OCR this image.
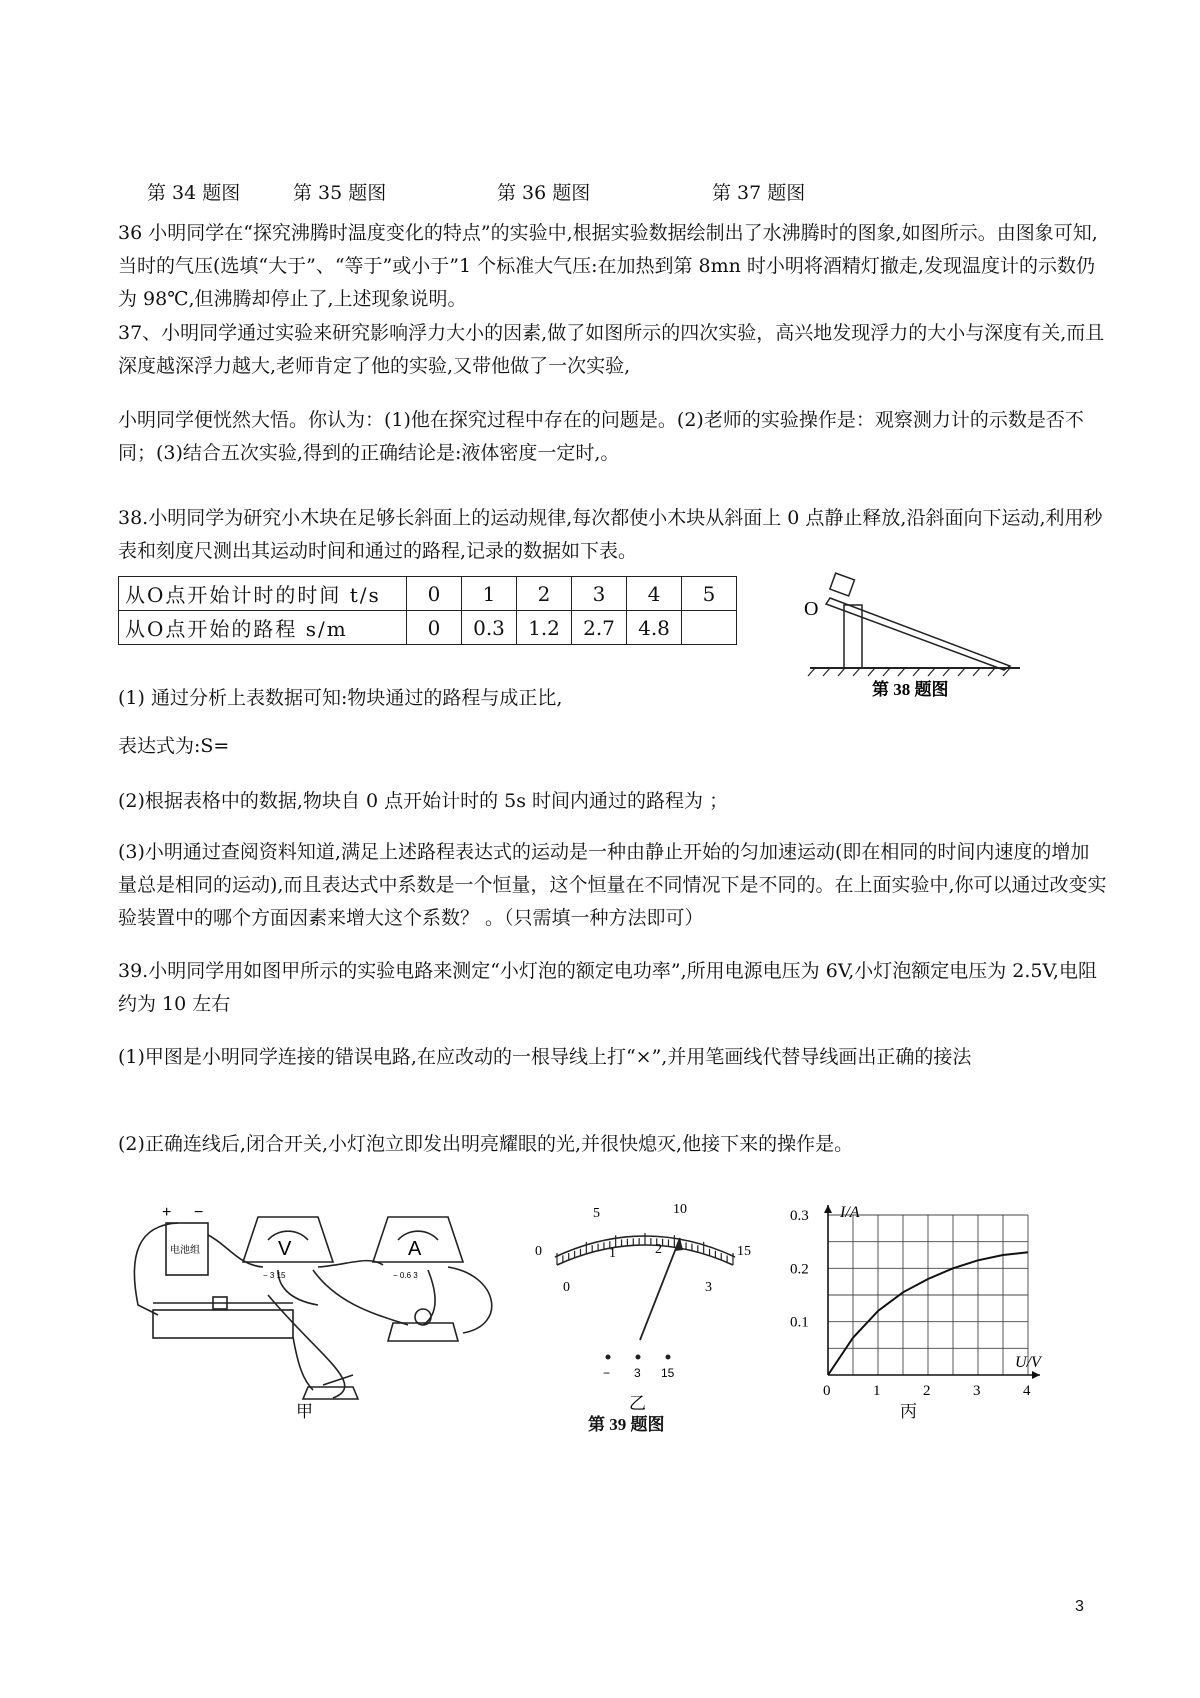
第 34 题图	第 35 题图	第 36 题图	第 37 题图
36 小明同学在“探究沸腾时温度变化的特点”的实验中,根据实验数据绘制出了水沸腾时的图象,如图所示。由图象可知,当时的气压(选填“大于”、“等于”或小于”1 个标准大气压:在加热到第 8mn 时小明将酒精灯撤走,发现温度计的示数仍为 98℃,但沸腾却停止了,上述现象说明。
37、小明同学通过实验来研究影响浮力大小的因素,做了如图所示的四次实验，高兴地发现浮力的大小与深度有关,而且深度越深浮力越大,老师肯定了他的实验,又带他做了一次实验,
小明同学便恍然大悟。你认为：(1)他在探究过程中存在的问题是。(2)老师的实验操作是：观察测力计的示数是否不同；(3)结合五次实验,得到的正确结论是:液体密度一定时,。
38.小明同学为研究小木块在足够长斜面上的运动规律,每次都使小木块从斜面上 0 点静止释放,沿斜面向下运动,利用秒表和刻度尺测出其运动时间和通过的路程,记录的数据如下表。
从O点开始计时的时间 t/s	0	1	2	3	4	5
从O点开始的路程 s/m	0	0.3	1.2	2.7	4.8	
O
第 38 题图
(1) 通过分析上表数据可知:物块通过的路程与成正比,
表达式为:S=
(2)根据表格中的数据,物块自 0 点开始计时的 5s 时间内通过的路程为 ；
(3)小明通过查阅资料知道,满足上述路程表达式的运动是一种由静止开始的匀加速运动(即在相同的时间内速度的增加量总是相同的运动),而且表达式中系数是一个恒量，这个恒量在不同情况下是不同的。在上面实验中,你可以通过改变实验装置中的哪个方面因素来增大这个系数？ 。（只需填一种方法即可）
39.小明同学用如图甲所示的实验电路来测定“小灯泡的额定电功率”,所用电源电压为 6V,小灯泡额定电压为 2.5V,电阻约为 10 左右
(1)甲图是小明同学连接的错误电路,在应改动的一根导线上打“×”,并用笔画线代替导线画出正确的接法
(2)正确连线后,闭合开关,小灯泡立即发出明亮耀眼的光,并很快熄灭,他接下来的操作是。
+ −
电池组	V	A
− 3 15	− 0.6 3
甲
0
5	10
15
0
1	2
3
− 3 15
乙
第 39 题图
I/A
U/V
0	1	2	3	4
0.1
0.2
0.3
丙
3
